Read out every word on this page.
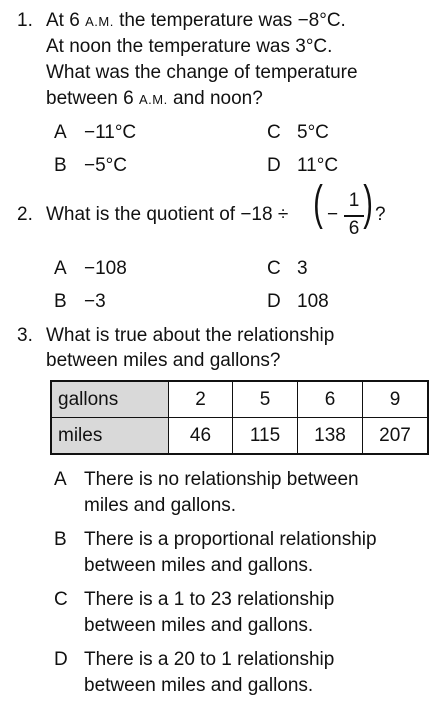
1. At 6 A.M. the temperature was −8°C.
At noon the temperature was 3°C.
What was the change of temperature
between 6 A.M. and noon?
A −11°C
B −5°C
C 5°C
D 11°C
2. What is the quotient of −18 ÷ ( −
1
6 ) ?
A −108
B −3
C 3
D 108
3. What is true about the relationship
between miles and gallons?
gallons	2	5	6	9
miles	46	115	138	207
A There is no relationship between
miles and gallons.
B There is a proportional relationship
between miles and gallons.
C There is a 1 to 23 relationship
between miles and gallons.
D There is a 20 to 1 relationship
between miles and gallons.
